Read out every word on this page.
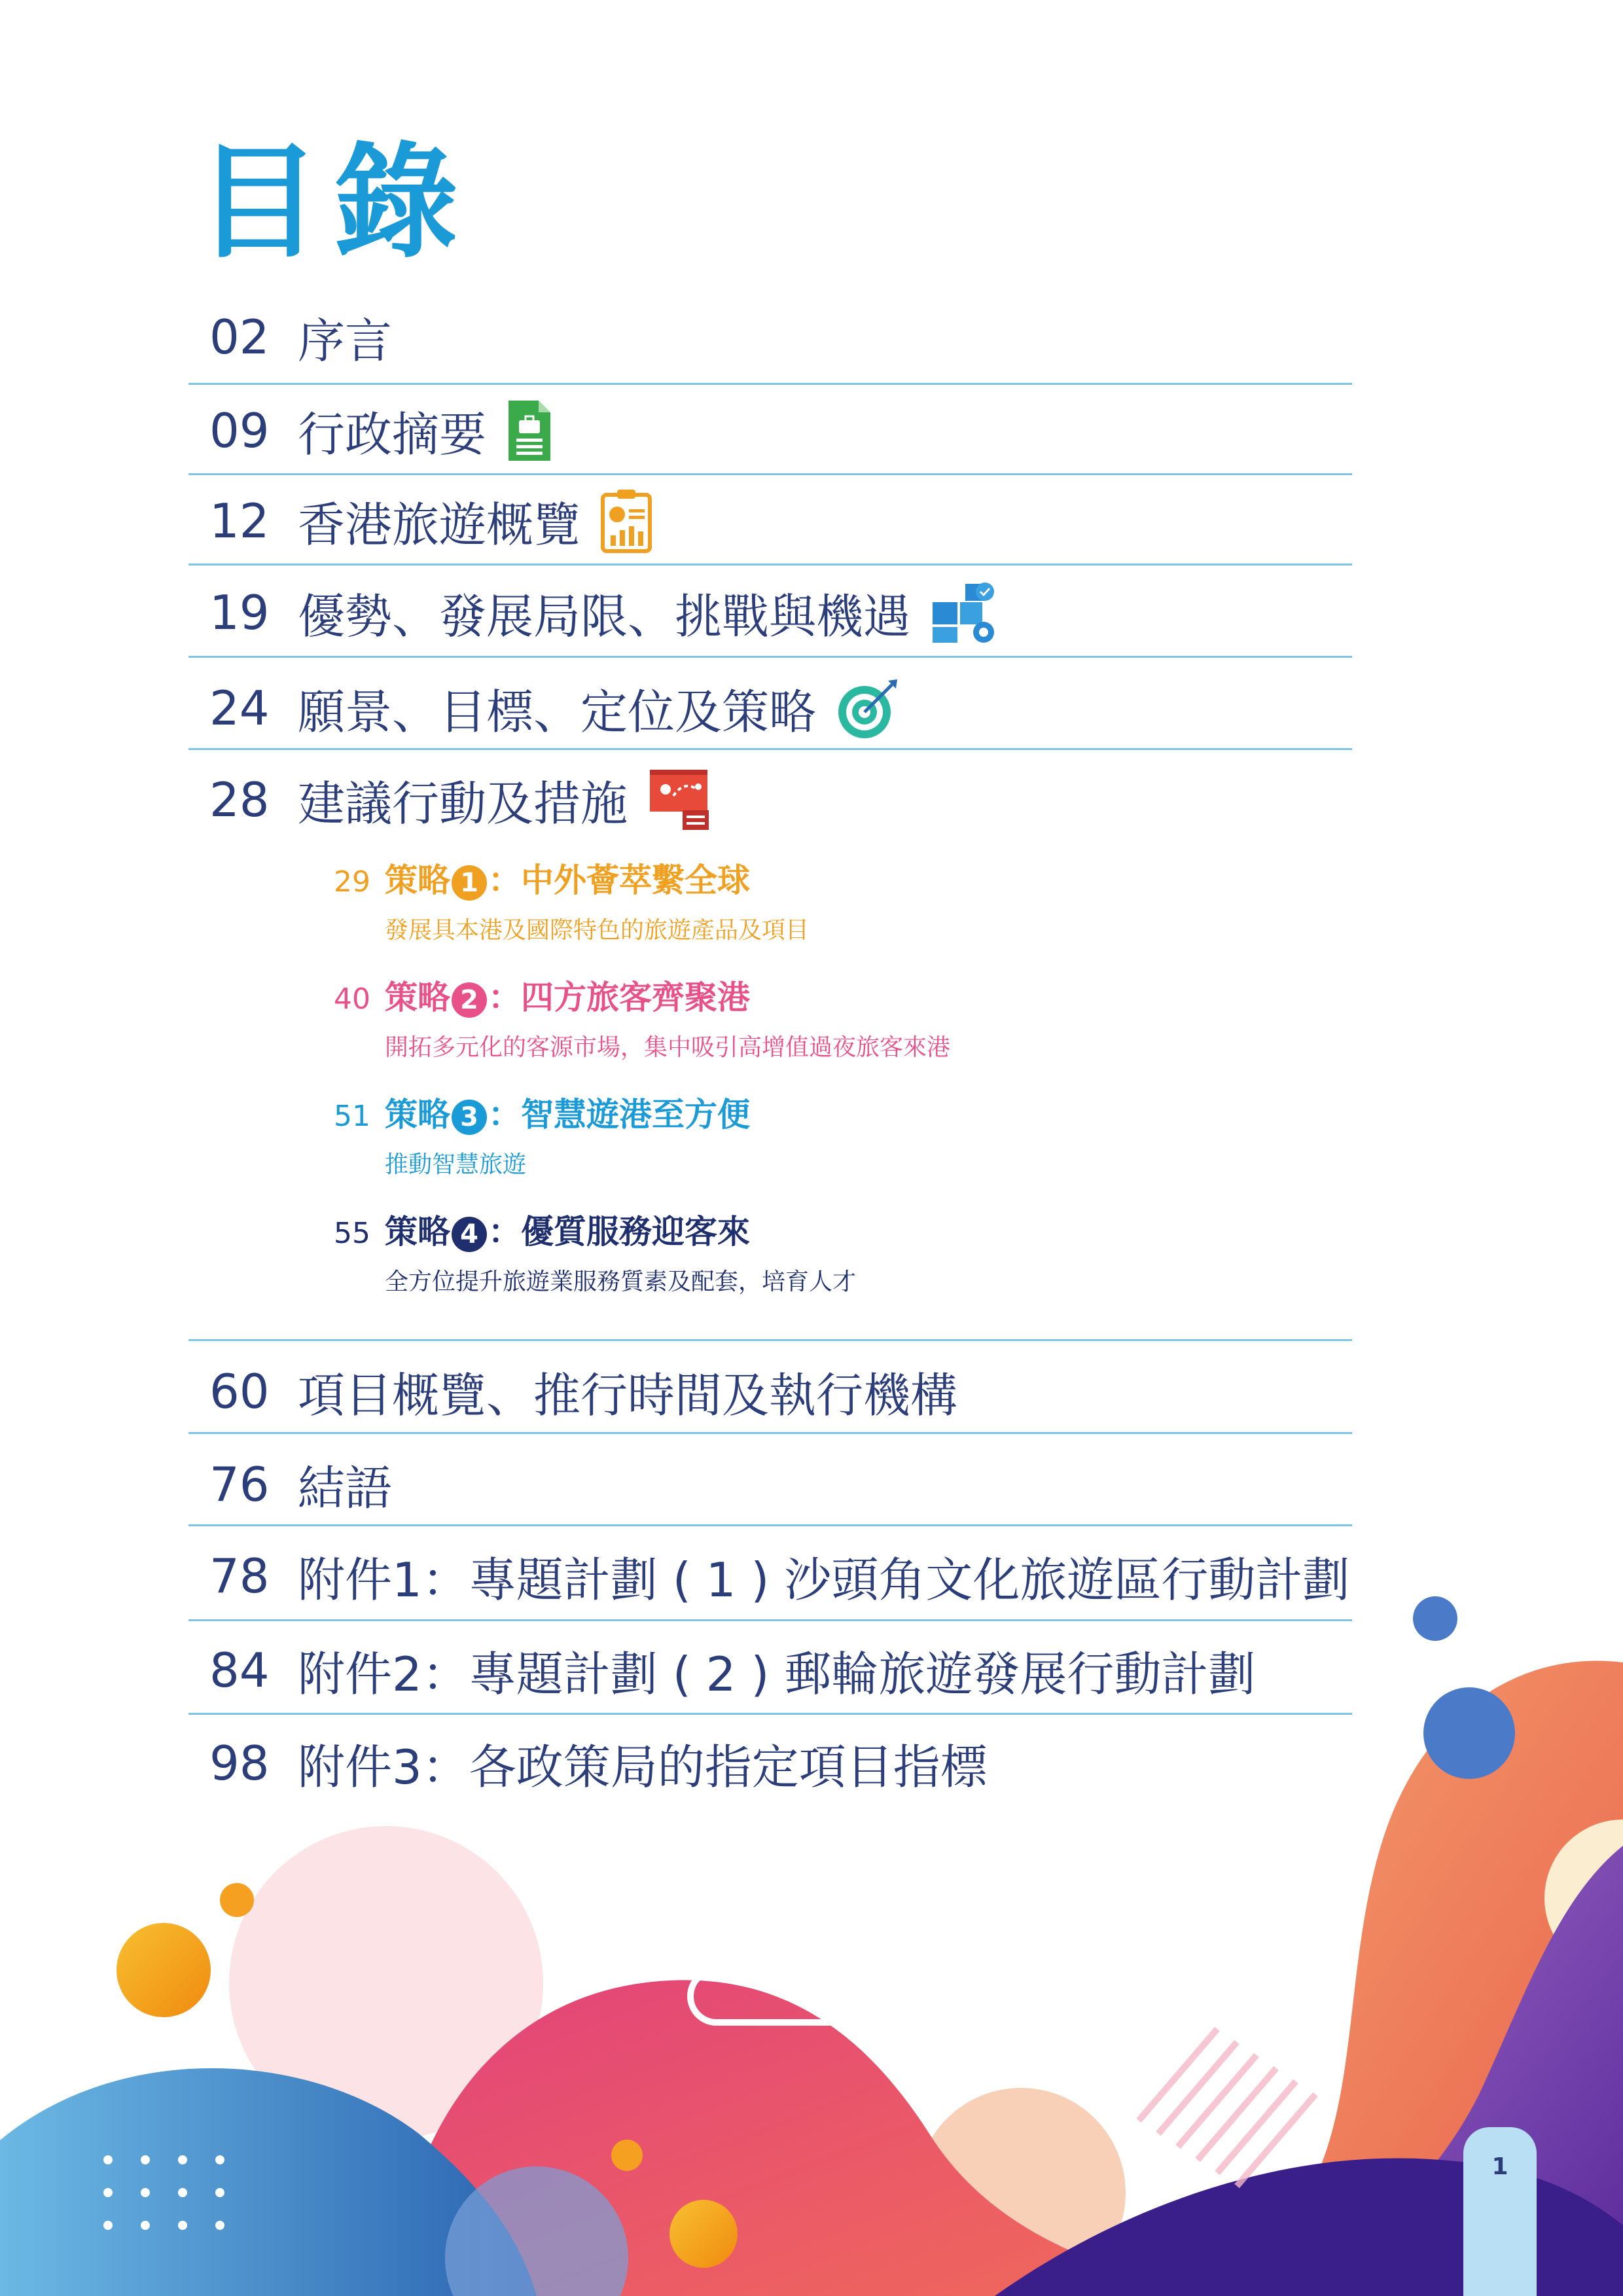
目錄
02 序言
09 行政摘要
12 香港旅遊概覽
19 優勢、發展局限、挑戰與機遇
24 願景、目標、定位及策略
28 建議行動及措施
29 策略 1 ：中外薈萃繫全球
發展具本港及國際特色的旅遊產品及項目
40 策略 2 ：四方旅客齊聚港
開拓多元化的客源市場，集中吸引高增值過夜旅客來港
51 策略 3 ：智慧遊港至方便
推動智慧旅遊
55 策略 4 ：優質服務迎客來
全方位提升旅遊業服務質素及配套，培育人才
60 項目概覽、推行時間及執行機構
76 結語
78 附件1：專題計劃 ( 1 ) 沙頭角文化旅遊區行動計劃
84 附件2：專題計劃 ( 2 ) 郵輪旅遊發展行動計劃
98 附件3：各政策局的指定項目指標
1
